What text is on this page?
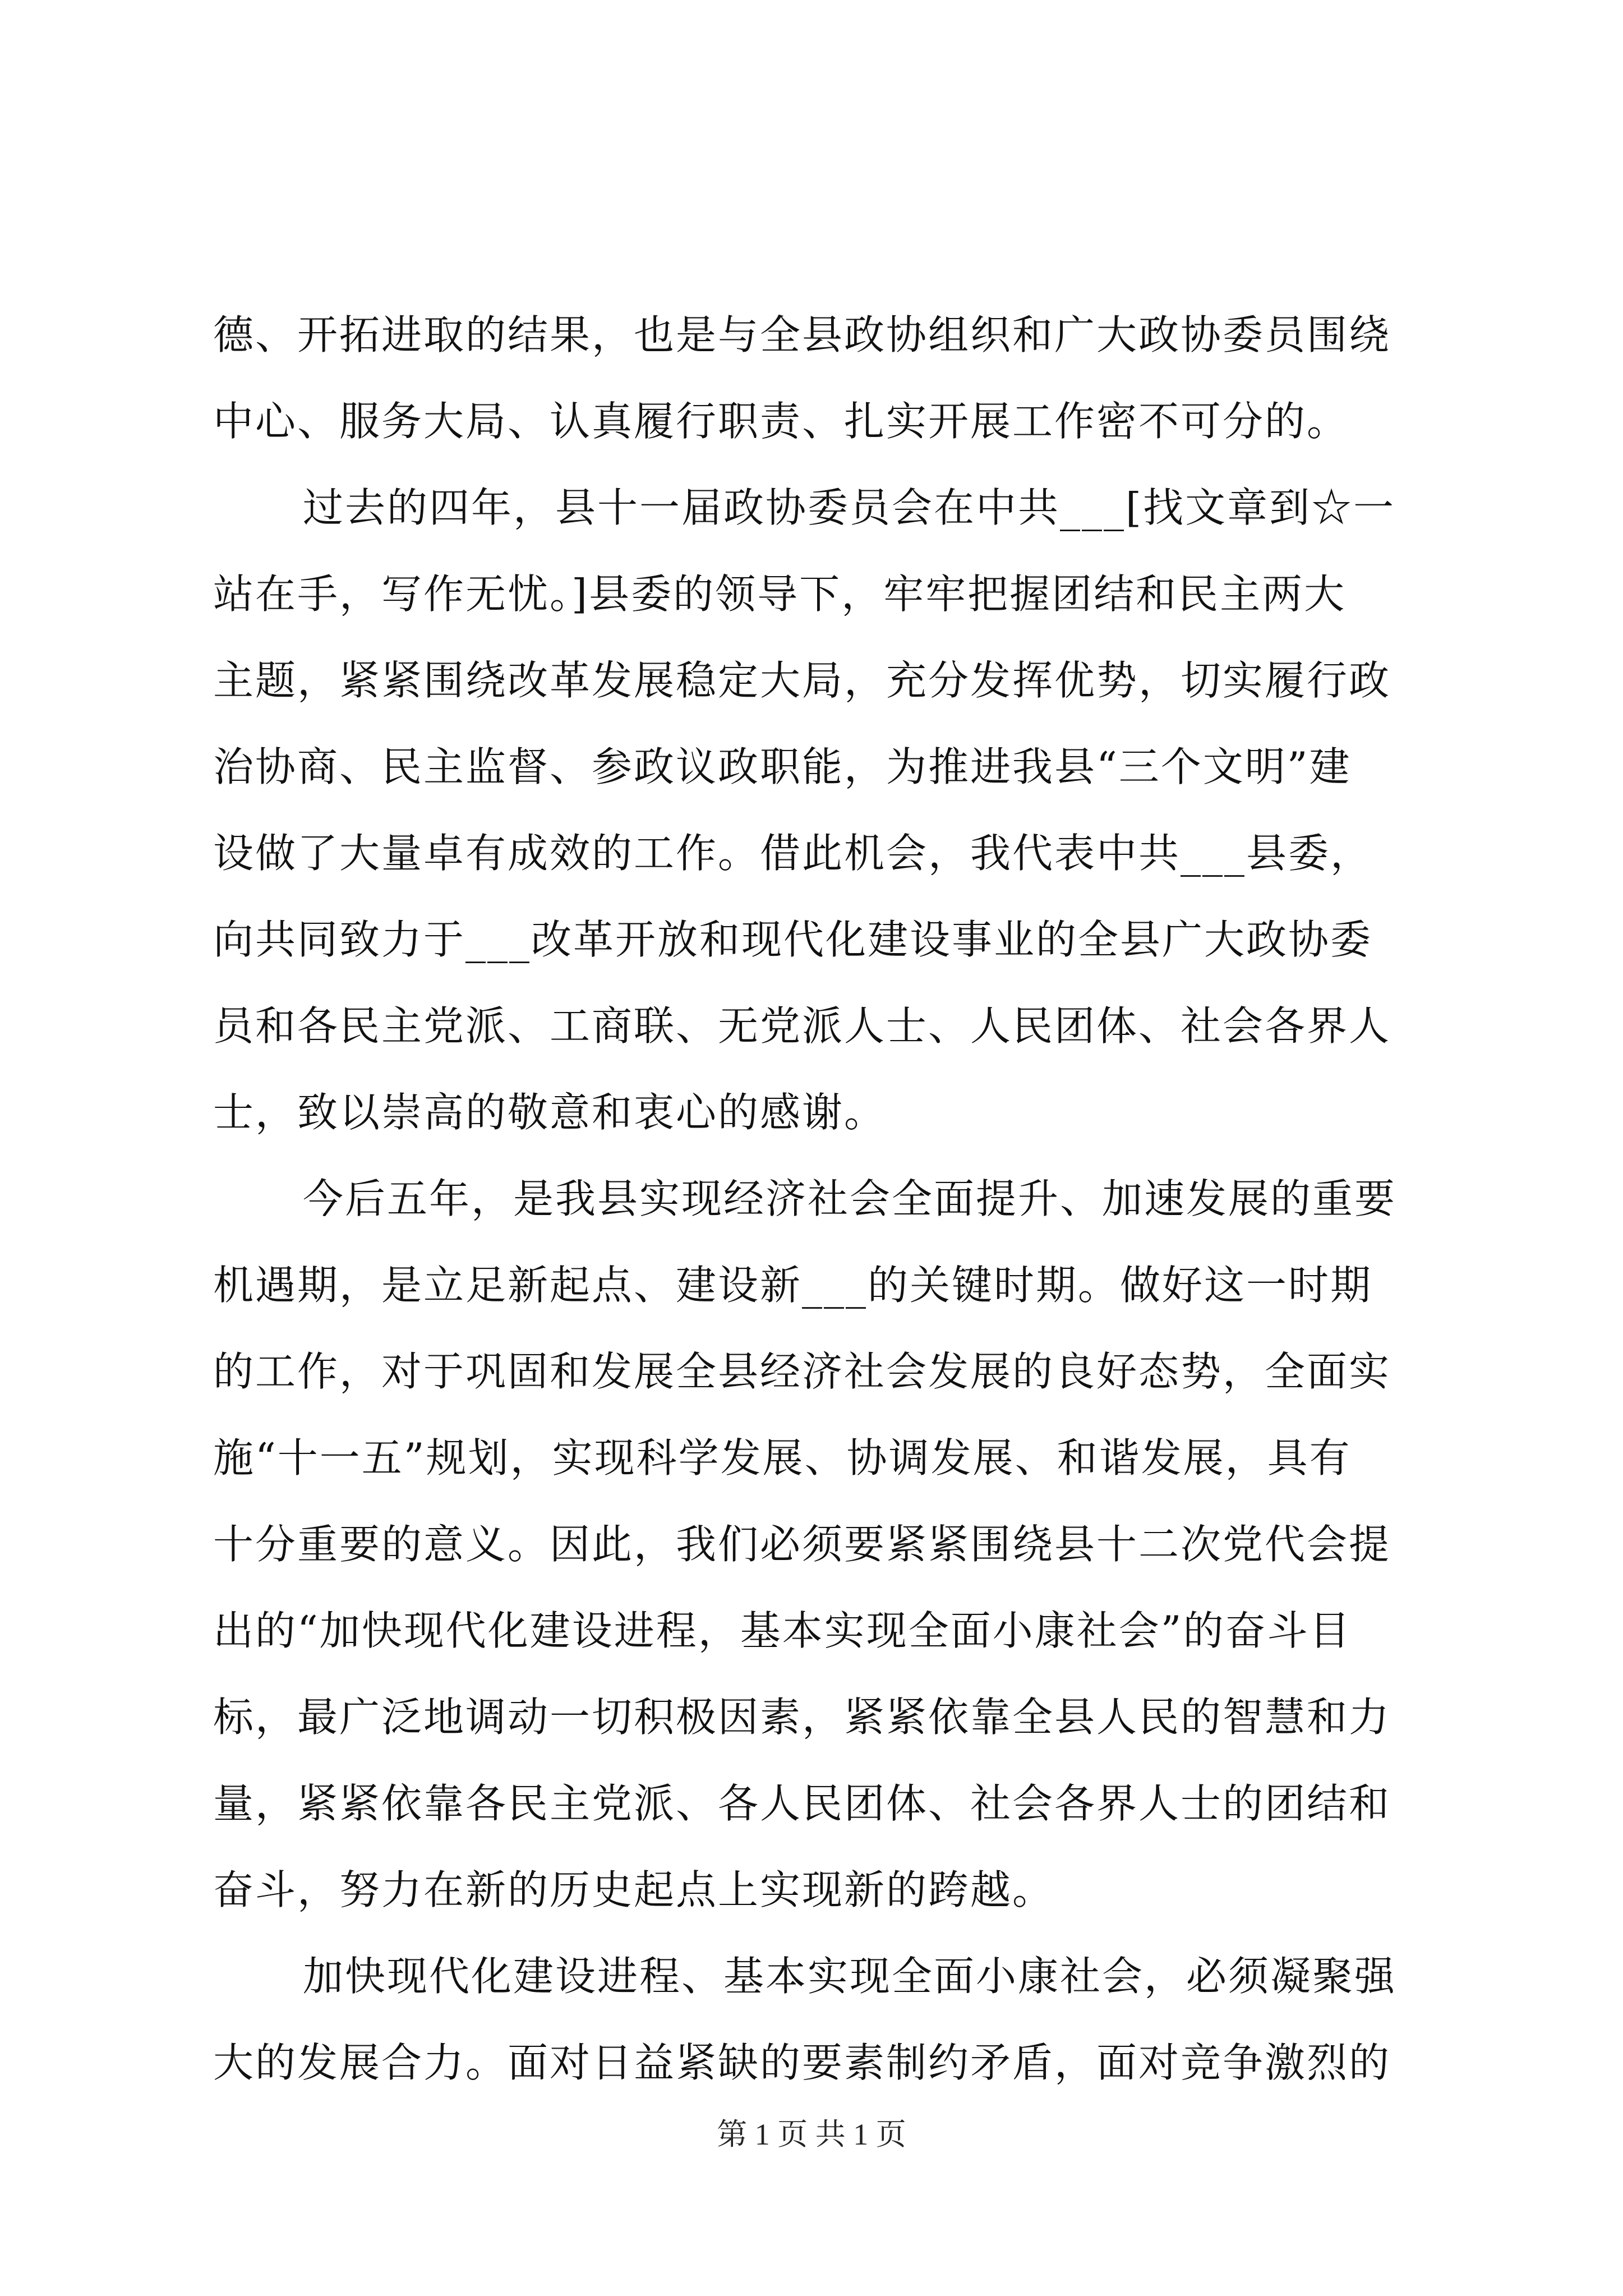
德、开拓进取的结果，也是与全县政协组织和广大政协委员围绕
中心、服务大局、认真履行职责、扎实开展工作密不可分的。
过去的四年，县十一届政协委员会在中共___[找文章到☆一
站在手，写作无忧。]县委的领导下，牢牢把握团结和民主两大
主题，紧紧围绕改革发展稳定大局，充分发挥优势，切实履行政
治协商、民主监督、参政议政职能，为推进我县“三个文明”建
设做了大量卓有成效的工作。借此机会，我代表中共___县委，
向共同致力于___改革开放和现代化建设事业的全县广大政协委
员和各民主党派、工商联、无党派人士、人民团体、社会各界人
士，致以崇高的敬意和衷心的感谢。
今后五年，是我县实现经济社会全面提升、加速发展的重要
机遇期，是立足新起点、建设新___的关键时期。做好这一时期
的工作，对于巩固和发展全县经济社会发展的良好态势，全面实
施“十一五”规划，实现科学发展、协调发展、和谐发展，具有
十分重要的意义。因此，我们必须要紧紧围绕县十二次党代会提
出的“加快现代化建设进程，基本实现全面小康社会”的奋斗目
标，最广泛地调动一切积极因素，紧紧依靠全县人民的智慧和力
量，紧紧依靠各民主党派、各人民团体、社会各界人士的团结和
奋斗，努力在新的历史起点上实现新的跨越。
加快现代化建设进程、基本实现全面小康社会，必须凝聚强
大的发展合力。面对日益紧缺的要素制约矛盾，面对竞争激烈的
第 1 页 共 1 页
